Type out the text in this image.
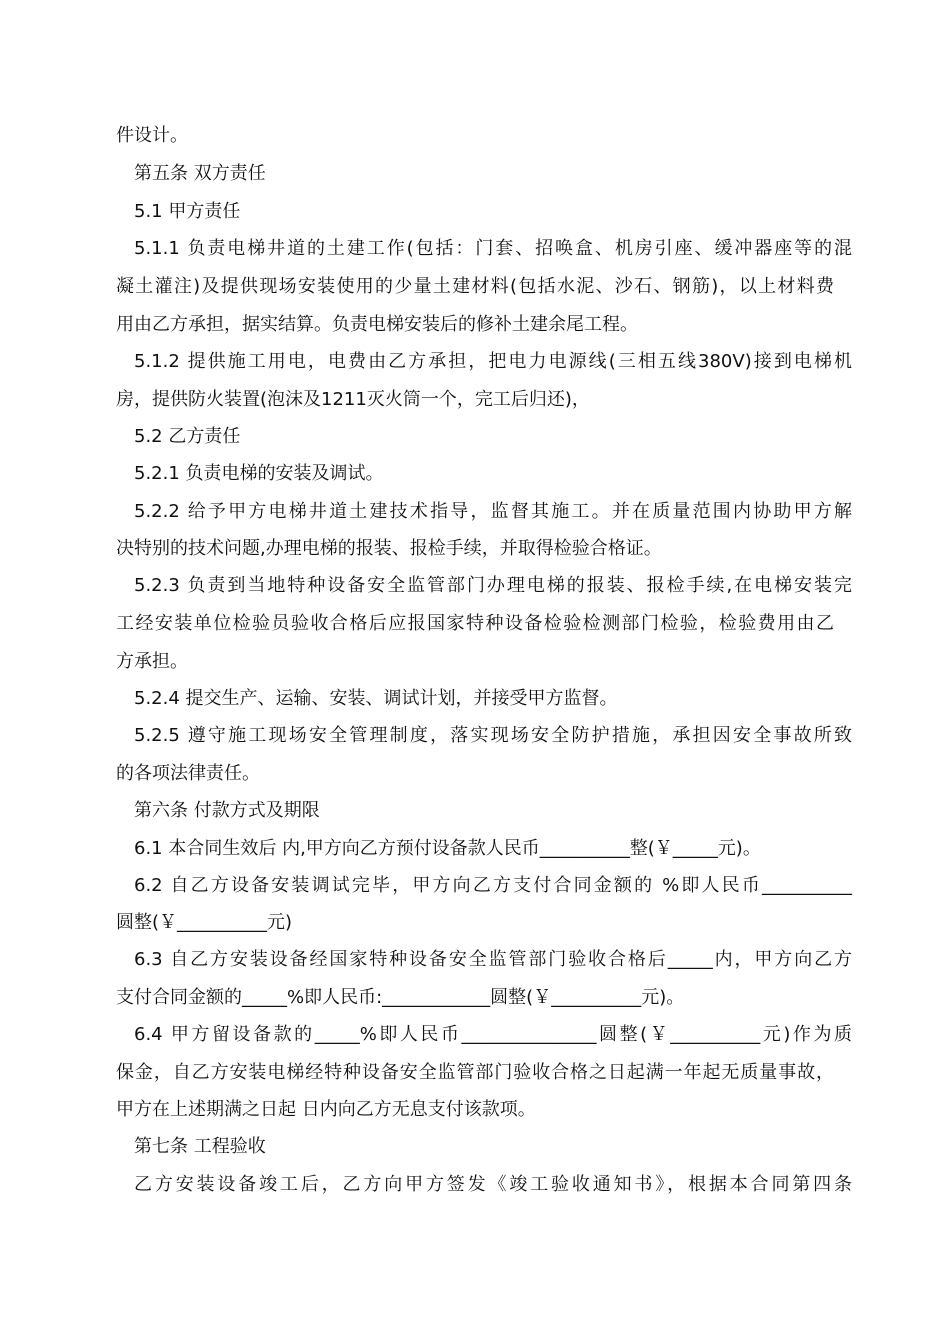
件设计。
第五条 双方责任
5.1 甲方责任
5.1.1 负责电梯井道的土建工作(包括：门套、招唤盒、机房引座、缓冲器座等的混
凝土灌注)及提供现场安装使用的少量土建材料(包括水泥、沙石、钢筋)，以上材料费
用由乙方承担，据实结算。负责电梯安装后的修补土建余尾工程。
5.1.2 提供施工用电，电费由乙方承担，把电力电源线(三相五线380V)接到电梯机
房，提供防火装置(泡沫及1211灭火筒一个，完工后归还)，
5.2 乙方责任
5.2.1 负责电梯的安装及调试。
5.2.2 给予甲方电梯井道土建技术指导，监督其施工。并在质量范围内协助甲方解
决特别的技术问题,办理电梯的报装、报检手续，并取得检验合格证。
5.2.3 负责到当地特种设备安全监管部门办理电梯的报装、报检手续,在电梯安装完
工经安装单位检验员验收合格后应报国家特种设备检验检测部门检验，检验费用由乙
方承担。
5.2.4 提交生产、运输、安装、调试计划，并接受甲方监督。
5.2.5 遵守施工现场安全管理制度，落实现场安全防护措施，承担因安全事故所致
的各项法律责任。
第六条 付款方式及期限
6.1 本合同生效后 内,甲方向乙方预付设备款人民币__________整(￥_____元)。
6.2 自乙方设备安装调试完毕，甲方向乙方支付合同金额的 %即人民币__________
圆整(￥__________元)
6.3 自乙方安装设备经国家特种设备安全监管部门验收合格后_____内，甲方向乙方
支付合同金额的_____%即人民币:____________圆整(￥__________元)。
6.4 甲方留设备款的_____%即人民币_______________圆整(￥__________元)作为质
保金，自乙方安装电梯经特种设备安全监管部门验收合格之日起满一年起无质量事故，
甲方在上述期满之日起 日内向乙方无息支付该款项。
第七条 工程验收
乙方安装设备竣工后，乙方向甲方签发《竣工验收通知书》，根据本合同第四条
